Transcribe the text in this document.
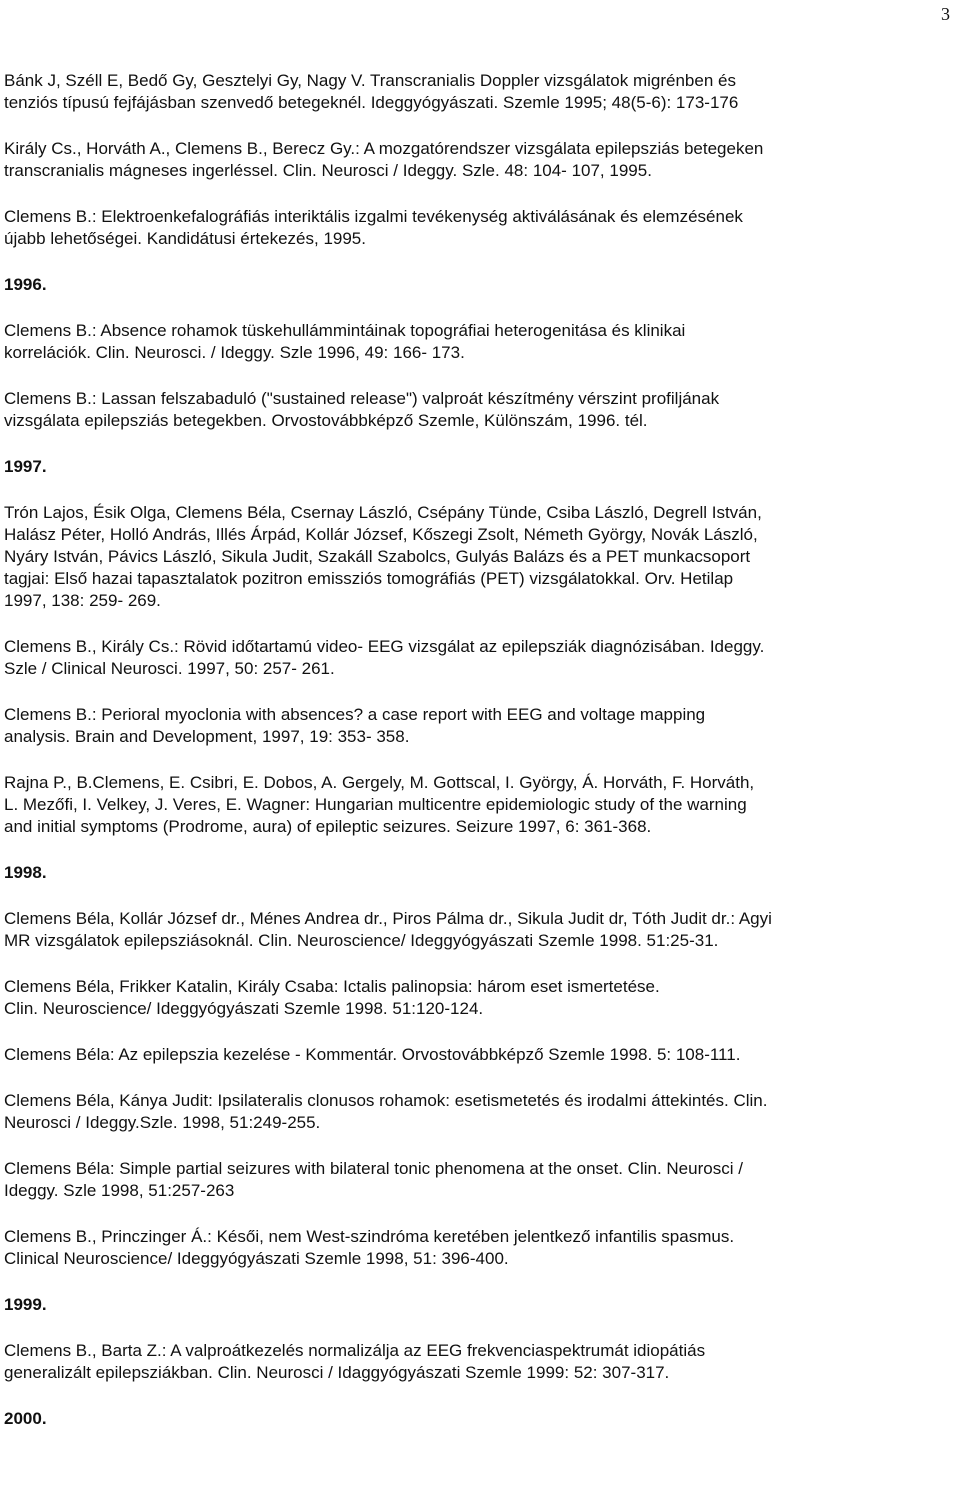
3
Bánk J, Széll E, Bedő Gy, Gesztelyi Gy, Nagy V. Transcranialis Doppler vizsgálatok migrénben és
tenziós típusú fejfájásban szenvedő betegeknél. Ideggyógyászati. Szemle 1995; 48(5-6): 173-176
Király Cs., Horváth A., Clemens B., Berecz Gy.: A mozgatórendszer vizsgálata epilepsziás betegeken
transcranialis mágneses ingerléssel. Clin. Neurosci / Ideggy. Szle. 48: 104- 107, 1995.
Clemens B.: Elektroenkefalográfiás interiktális izgalmi tevékenység aktiválásának és elemzésének
újabb lehetőségei. Kandidátusi értekezés, 1995.
1996.
Clemens B.: Absence rohamok tüskehullámmintáinak topográfiai heterogenitása és klinikai
korrelációk. Clin. Neurosci. / Ideggy. Szle 1996, 49: 166- 173.
Clemens B.: Lassan felszabaduló ("sustained release") valproát készítmény vérszint profiljának
vizsgálata epilepsziás betegekben. Orvostovábbképző Szemle, Különszám, 1996. tél.
1997.
Trón Lajos, Ésik Olga, Clemens Béla, Csernay László, Csépány Tünde, Csiba László, Degrell István,
Halász Péter, Holló András, Illés Árpád, Kollár József, Kőszegi Zsolt, Németh György, Novák László,
Nyáry István, Pávics László, Sikula Judit, Szakáll Szabolcs, Gulyás Balázs és a PET munkacsoport
tagjai: Első hazai tapasztalatok pozitron emissziós tomográfiás (PET) vizsgálatokkal. Orv. Hetilap
1997, 138: 259- 269.
Clemens B., Király Cs.: Rövid időtartamú video- EEG vizsgálat az epilepsziák diagnózisában. Ideggy.
Szle / Clinical Neurosci. 1997, 50: 257- 261.
Clemens B.: Perioral myoclonia with absences? a case report with EEG and voltage mapping
analysis. Brain and Development, 1997, 19: 353- 358.
Rajna P., B.Clemens, E. Csibri, E. Dobos, A. Gergely, M. Gottscal, I. György, Á. Horváth, F. Horváth,
L. Mezőfi, I. Velkey, J. Veres, E. Wagner: Hungarian multicentre epidemiologic study of the warning
and initial symptoms (Prodrome, aura) of epileptic seizures. Seizure 1997, 6: 361-368.
1998.
Clemens Béla, Kollár József dr., Ménes Andrea dr., Piros Pálma dr., Sikula Judit dr, Tóth Judit dr.: Agyi
MR vizsgálatok epilepsziásoknál. Clin. Neuroscience/ Ideggyógyászati Szemle 1998. 51:25-31.
Clemens Béla, Frikker Katalin, Király Csaba: Ictalis palinopsia: három eset ismertetése.
Clin. Neuroscience/ Ideggyógyászati Szemle 1998. 51:120-124.
Clemens Béla: Az epilepszia kezelése - Kommentár. Orvostovábbképző Szemle 1998. 5: 108-111.
Clemens Béla, Kánya Judit: Ipsilateralis clonusos rohamok: esetismetetés és irodalmi áttekintés. Clin.
Neurosci / Ideggy.Szle. 1998, 51:249-255.
Clemens Béla: Simple partial seizures with bilateral tonic phenomena at the onset. Clin. Neurosci /
Ideggy. Szle 1998, 51:257-263
Clemens B., Princzinger Á.: Késői, nem West-szindróma keretében jelentkező infantilis spasmus.
Clinical Neuroscience/ Ideggyógyászati Szemle 1998, 51: 396-400.
1999.
Clemens B., Barta Z.: A valproátkezelés normalizálja az EEG frekvenciaspektrumát idiopátiás
generalizált epilepsziákban. Clin. Neurosci / Idaggyógyászati Szemle 1999: 52: 307-317.
2000.
